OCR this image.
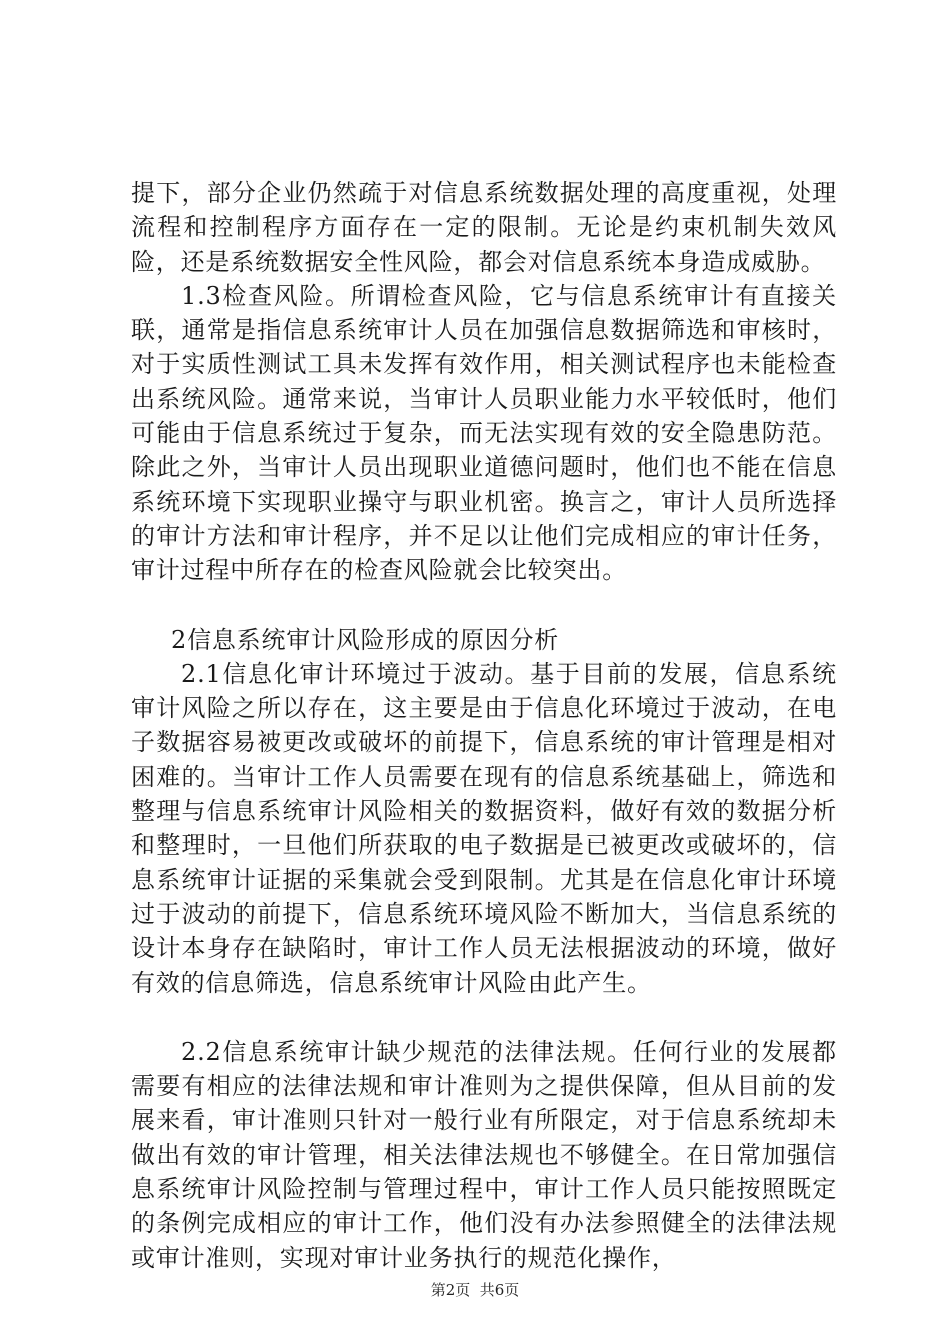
提下，部分企业仍然疏于对信息系统数据处理的高度重视，处理流程和控制程序方面存在一定的限制。无论是约束机制失效风险，还是系统数据安全性风险，都会对信息系统本身造成威胁。

1.3检查风险。所谓检查风险，它与信息系统审计有直接关联，通常是指信息系统审计人员在加强信息数据筛选和审核时，对于实质性测试工具未发挥有效作用，相关测试程序也未能检查出系统风险。通常来说，当审计人员职业能力水平较低时，他们可能由于信息系统过于复杂，而无法实现有效的安全隐患防范。除此之外，当审计人员出现职业道德问题时，他们也不能在信息系统环境下实现职业操守与职业机密。换言之，审计人员所选择的审计方法和审计程序，并不足以让他们完成相应的审计任务，审计过程中所存在的检查风险就会比较突出。

2信息系统审计风险形成的原因分析

2.1信息化审计环境过于波动。基于目前的发展，信息系统审计风险之所以存在，这主要是由于信息化环境过于波动，在电子数据容易被更改或破坏的前提下，信息系统的审计管理是相对困难的。当审计工作人员需要在现有的信息系统基础上，筛选和整理与信息系统审计风险相关的数据资料，做好有效的数据分析和整理时，一旦他们所获取的电子数据是已被更改或破坏的，信息系统审计证据的采集就会受到限制。尤其是在信息化审计环境过于波动的前提下，信息系统环境风险不断加大，当信息系统的设计本身存在缺陷时，审计工作人员无法根据波动的环境，做好有效的信息筛选，信息系统审计风险由此产生。

2.2信息系统审计缺少规范的法律法规。任何行业的发展都需要有相应的法律法规和审计准则为之提供保障，但从目前的发展来看，审计准则只针对一般行业有所限定，对于信息系统却未做出有效的审计管理，相关法律法规也不够健全。在日常加强信息系统审计风险控制与管理过程中，审计工作人员只能按照既定的条例完成相应的审计工作，他们没有办法参照健全的法律法规或审计准则，实现对审计业务执行的规范化操作，

第2页  共6页
